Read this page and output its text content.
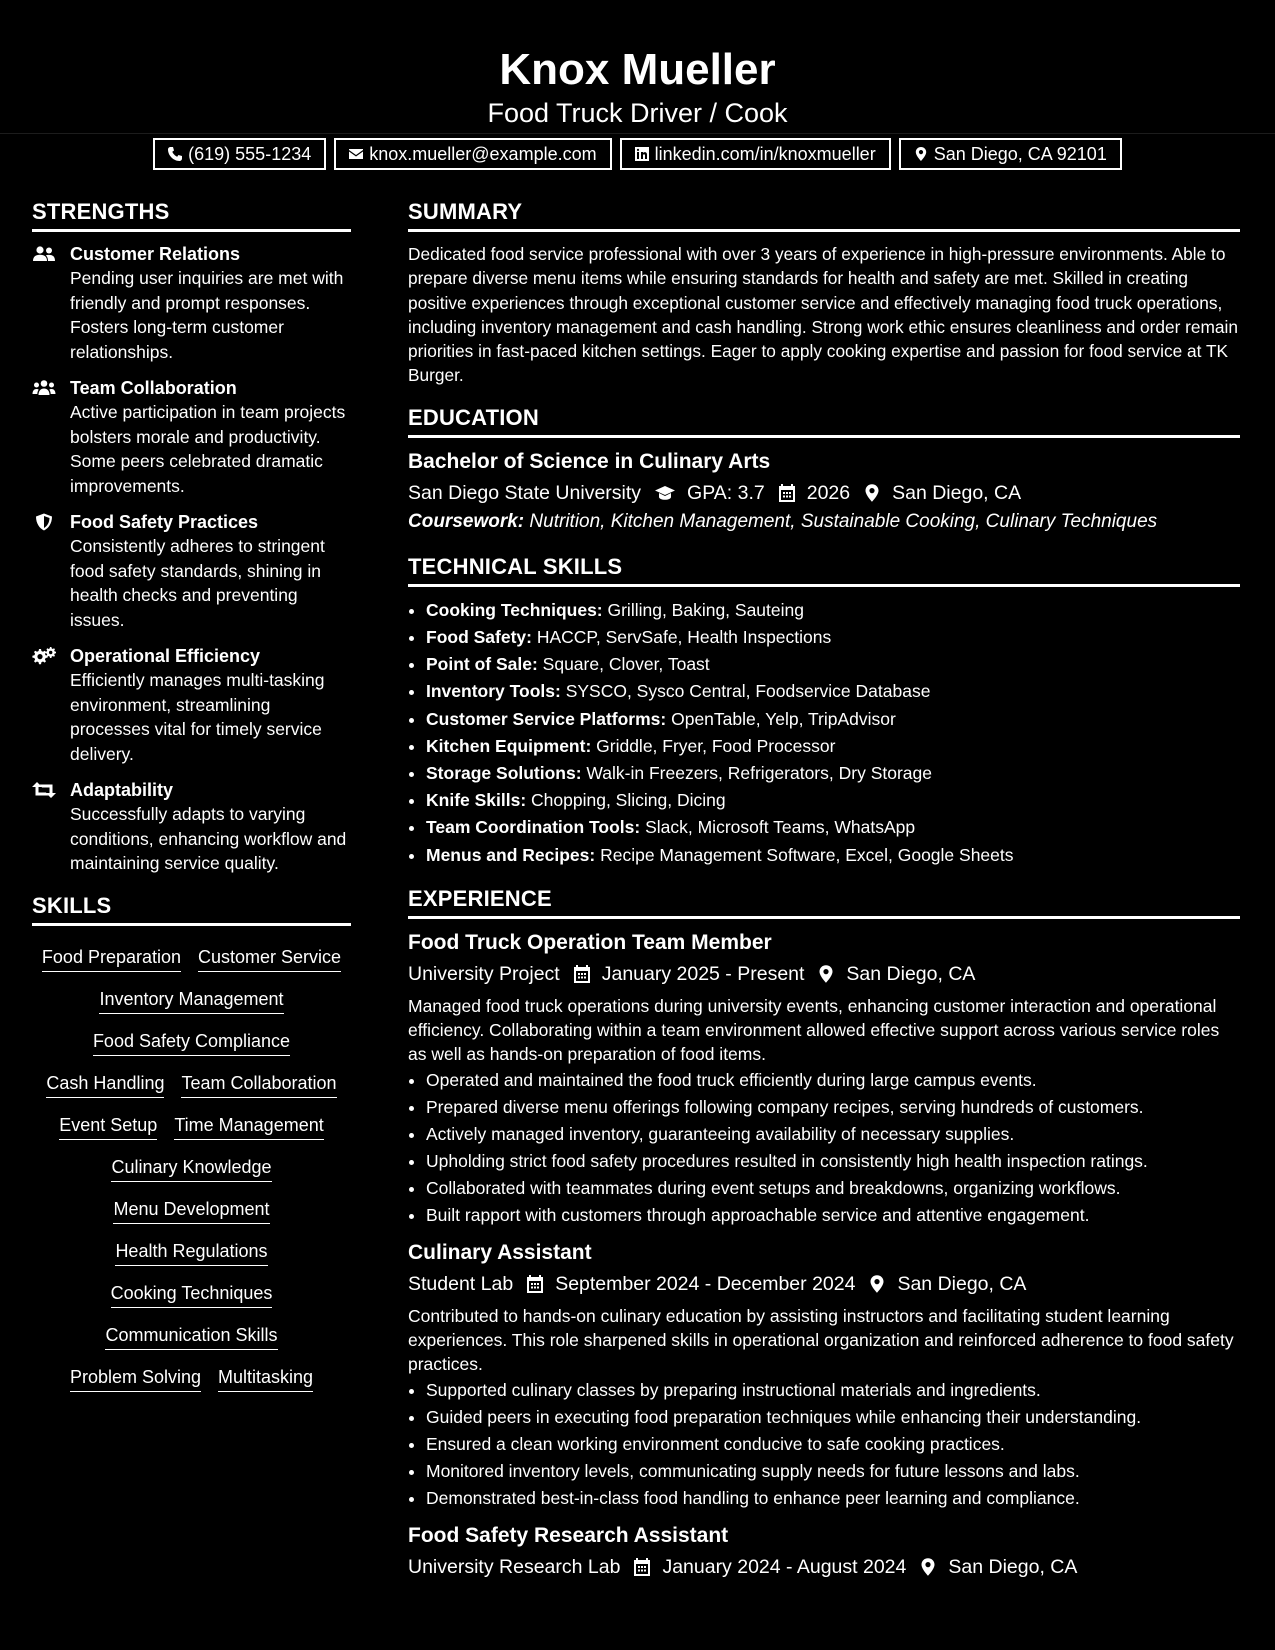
Knox Mueller
Food Truck Driver / Cook
(619) 555-1234	knox.mueller@example.com	linkedin.com/in/knoxmueller	San Diego, CA 92101
STRENGTHS
Customer Relations
Pending user inquiries are met with friendly and prompt responses. Fosters long-term customer relationships.
Team Collaboration
Active participation in team projects bolsters morale and productivity. Some peers celebrated dramatic improvements.
Food Safety Practices
Consistently adheres to stringent food safety standards, shining in health checks and preventing issues.
Operational Efficiency
Efficiently manages multi-tasking environment, streamlining processes vital for timely service delivery.
Adaptability
Successfully adapts to varying conditions, enhancing workflow and maintaining service quality.
SKILLS
Food Preparation Customer Service
Inventory Management
Food Safety Compliance
Cash Handling Team Collaboration
Event Setup Time Management
Culinary Knowledge
Menu Development
Health Regulations
Cooking Techniques
Communication Skills
Problem Solving Multitasking
SUMMARY

Dedicated food service professional with over 3 years of experience in high-pressure environments. Able to prepare diverse menu items while ensuring standards for health and safety are met. Skilled in creating positive experiences through exceptional customer service and effectively managing food truck operations, including inventory management and cash handling. Strong work ethic ensures cleanliness and order remain priorities in fast-paced kitchen settings. Eager to apply cooking expertise and passion for food service at TK Burger.

EDUCATION
Bachelor of Science in Culinary Arts
San Diego State University GPA: 3.7 2026 San Diego, CA
Coursework: Nutrition, Kitchen Management, Sustainable Cooking, Culinary Techniques
TECHNICAL SKILLS
• Cooking Techniques: Grilling, Baking, Sauteing
• Food Safety: HACCP, ServSafe, Health Inspections
• Point of Sale: Square, Clover, Toast
• Inventory Tools: SYSCO, Sysco Central, Foodservice Database
• Customer Service Platforms: OpenTable, Yelp, TripAdvisor
• Kitchen Equipment: Griddle, Fryer, Food Processor
• Storage Solutions: Walk-in Freezers, Refrigerators, Dry Storage
• Knife Skills: Chopping, Slicing, Dicing
• Team Coordination Tools: Slack, Microsoft Teams, WhatsApp
• Menus and Recipes: Recipe Management Software, Excel, Google Sheets
EXPERIENCE
Food Truck Operation Team Member
University Project January 2025 - Present San Diego, CA

Managed food truck operations during university events, enhancing customer interaction and operational efficiency. Collaborating within a team environment allowed effective support across various service roles as well as hands-on preparation of food items.

• Operated and maintained the food truck efficiently during large campus events.
• Prepared diverse menu offerings following company recipes, serving hundreds of customers.
• Actively managed inventory, guaranteeing availability of necessary supplies.
• Upholding strict food safety procedures resulted in consistently high health inspection ratings.
• Collaborated with teammates during event setups and breakdowns, organizing workflows.
• Built rapport with customers through approachable service and attentive engagement.
Culinary Assistant
Student Lab September 2024 - December 2024 San Diego, CA

Contributed to hands-on culinary education by assisting instructors and facilitating student learning experiences. This role sharpened skills in operational organization and reinforced adherence to food safety practices.

• Supported culinary classes by preparing instructional materials and ingredients.
• Guided peers in executing food preparation techniques while enhancing their understanding.
• Ensured a clean working environment conducive to safe cooking practices.
• Monitored inventory levels, communicating supply needs for future lessons and labs.
• Demonstrated best-in-class food handling to enhance peer learning and compliance.
Food Safety Research Assistant
University Research Lab January 2024 - August 2024 San Diego, CA
